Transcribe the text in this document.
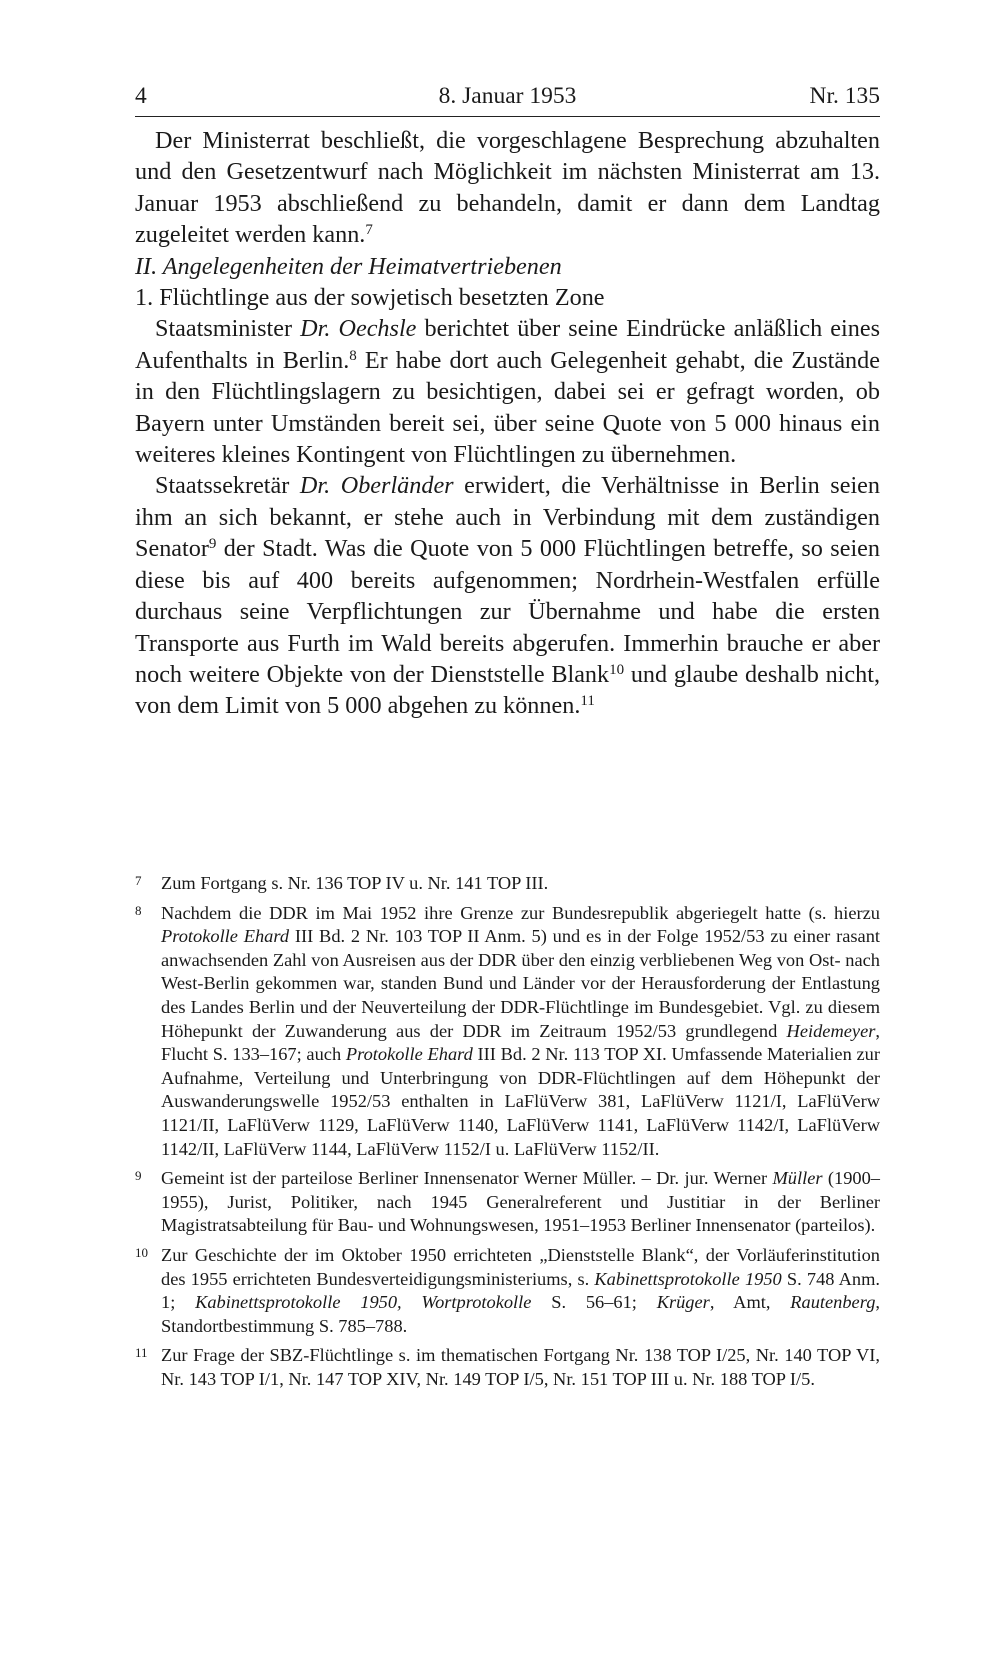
8. Januar 1953
4	Nr. 135

Der Ministerrat beschließt, die vorgeschlagene Besprechung abzuhalten und den Gesetzentwurf nach Möglichkeit im nächsten Ministerrat am 13. Januar 1953 abschließend zu behandeln, damit er dann dem Landtag zugeleitet werden kann.$^7$

II. Angelegenheiten der Heimatvertriebenen

1. Flüchtlinge aus der sowjetisch besetzten Zone

Staatsminister Dr. Oechsle berichtet über seine Eindrücke anläßlich eines Aufenthalts in Berlin.$^8$ Er habe dort auch Gelegenheit gehabt, die Zustände in den Flüchtlingslagern zu besichtigen, dabei sei er gefragt worden, ob Bayern unter Umständen bereit sei, über seine Quote von 5 000 hinaus ein weiteres kleines Kontingent von Flüchtlingen zu übernehmen.

Staatssekretär Dr. Oberländer erwidert, die Verhältnisse in Berlin seien ihm an sich bekannt, er stehe auch in Verbindung mit dem zuständigen Senator$^9$ der Stadt. Was die Quote von 5 000 Flüchtlingen betreffe, so seien diese bis auf 400 bereits aufgenommen; Nordrhein-Westfalen erfülle durchaus seine Verpflichtungen zur Übernahme und habe die ersten Transporte aus Furth im Wald bereits abgerufen. Immerhin brauche er aber noch weitere Objekte von der Dienststelle Blank$^{10}$ und glaube deshalb nicht, von dem Limit von 5 000 abgehen zu können.$^{11}$

7 Zum Fortgang s. Nr. 136 TOP IV u. Nr. 141 TOP III.
8 Nachdem die DDR im Mai 1952 ihre Grenze zur Bundesrepublik abgeriegelt hatte (s. hierzu Protokolle Ehard III Bd. 2 Nr. 103 TOP II Anm. 5) und es in der Folge 1952/53 zu einer rasant anwachsenden Zahl von Ausreisen aus der DDR über den einzig verbliebenen Weg von Ost- nach West-Berlin gekommen war, standen Bund und Länder vor der Herausforderung der Entlastung des Landes Berlin und der Neuverteilung der DDR-Flüchtlinge im Bundesgebiet. Vgl. zu diesem Höhepunkt der Zuwanderung aus der DDR im Zeitraum 1952/53 grundlegend Heidemeyer, Flucht S. 133–167; auch Protokolle Ehard III Bd. 2 Nr. 113 TOP XI. Umfassende Materialien zur Aufnahme, Verteilung und Unterbringung von DDR-Flüchtlingen auf dem Höhepunkt der Auswanderungswelle 1952/53 enthalten in LaFlüVerw 381, LaFlüVerw 1121/I, LaFlüVerw 1121/II, LaFlüVerw 1129, LaFlüVerw 1140, LaFlüVerw 1141, LaFlüVerw 1142/I, LaFlüVerw 1142/II, LaFlüVerw 1144, LaFlüVerw 1152/I u. LaFlüVerw 1152/II.
9 Gemeint ist der parteilose Berliner Innensenator Werner Müller. – Dr. jur. Werner Müller (1900–1955), Jurist, Politiker, nach 1945 Generalreferent und Justitiar in der Berliner Magistratsabteilung für Bau- und Wohnungswesen, 1951–1953 Berliner Innensenator (parteilos).
10 Zur Geschichte der im Oktober 1950 errichteten „Dienststelle Blank“, der Vorläuferinstitution des 1955 errichteten Bundesverteidigungsministeriums, s. Kabinettsprotokolle 1950 S. 748 Anm. 1; Kabinettsprotokolle 1950, Wortprotokolle S. 56–61; Krüger, Amt, Rautenberg, Standortbestimmung S. 785–788.
11 Zur Frage der SBZ-Flüchtlinge s. im thematischen Fortgang Nr. 138 TOP I/25, Nr. 140 TOP VI, Nr. 143 TOP I/1, Nr. 147 TOP XIV, Nr. 149 TOP I/5, Nr. 151 TOP III u. Nr. 188 TOP I/5.
